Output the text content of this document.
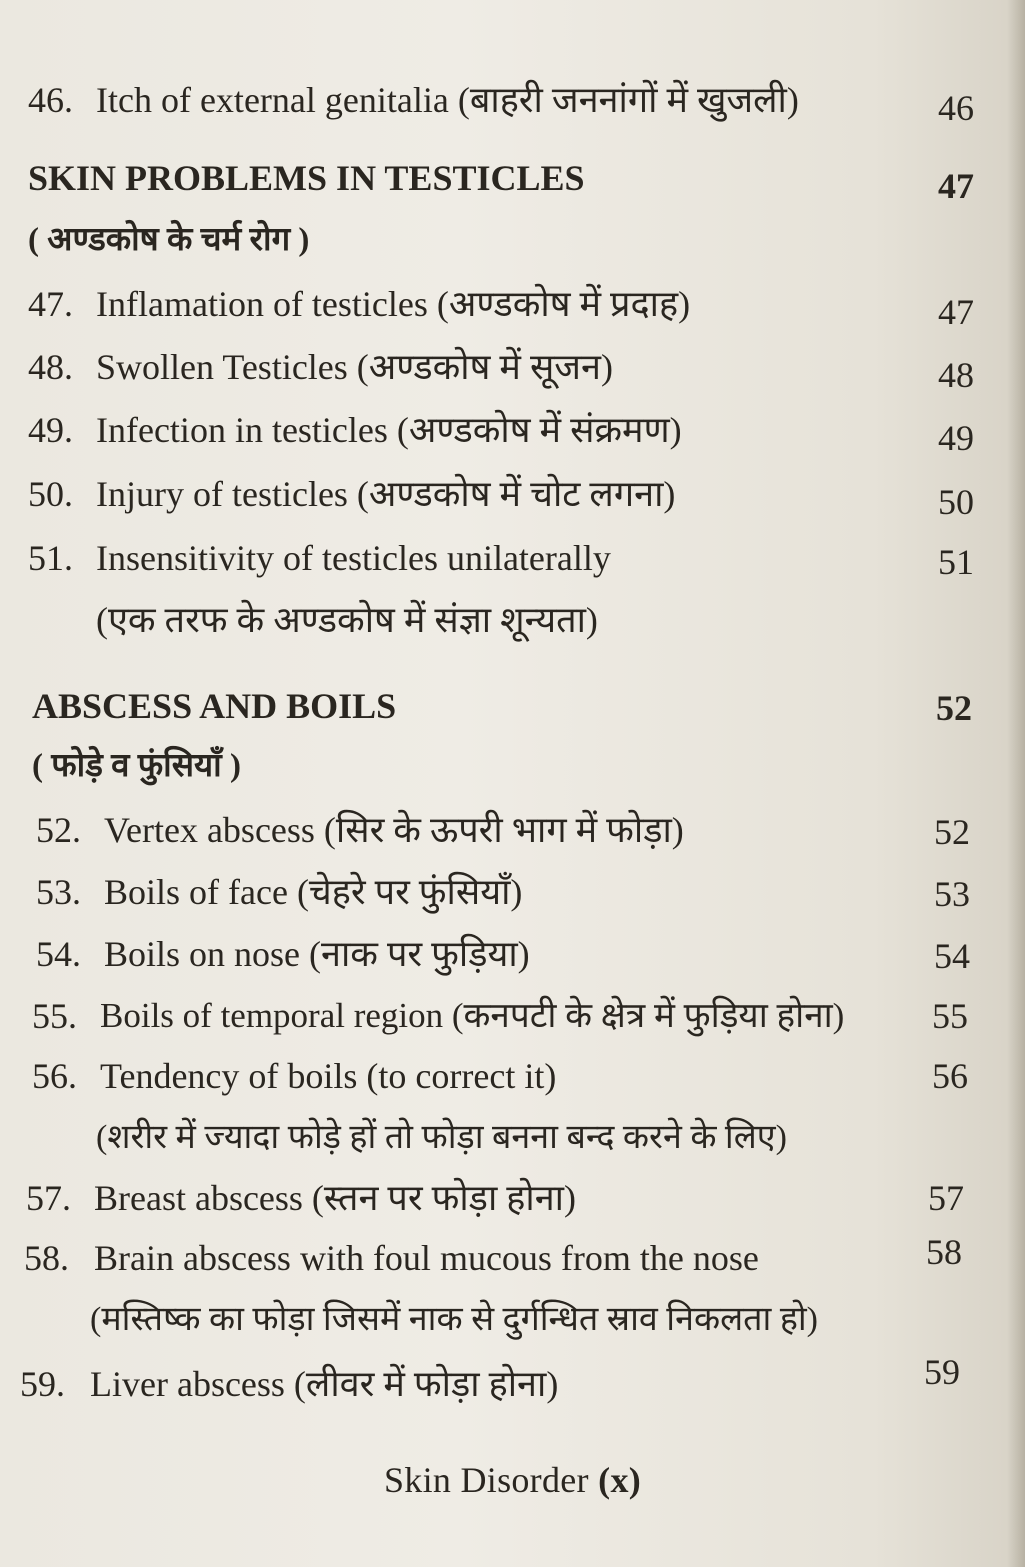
46. Itch of external genitalia (बाहरी जननांगों में खुजली)	46
SKIN PROBLEMS IN TESTICLES	47
( अण्डकोष के चर्म रोग )
47. Inflamation of testicles (अण्डकोष में प्रदाह)	47
48. Swollen Testicles (अण्डकोष में सूजन)	48
49. Infection in testicles (अण्डकोष में संक्रमण)	49
50. Injury of testicles (अण्डकोष में चोट लगना)	50
51. Insensitivity of testicles unilaterally	51
(एक तरफ के अण्डकोष में संज्ञा शून्यता)
ABSCESS AND BOILS	52
( फोड़े व फुंसियाँ )
52. Vertex abscess (सिर के ऊपरी भाग में फोड़ा)	52
53. Boils of face (चेहरे पर फुंसियाँ)	53
54. Boils on nose (नाक पर फुड़िया)	54
55. Boils of temporal region (कनपटी के क्षेत्र में फुड़िया होना)	55
56. Tendency of boils (to correct it)	56
(शरीर में ज्यादा फोड़े हों तो फोड़ा बनना बन्द करने के लिए)
57. Breast abscess (स्तन पर फोड़ा होना)	57
58. Brain abscess with foul mucous from the nose	58
(मस्तिष्क का फोड़ा जिसमें नाक से दुर्गन्धित स्राव निकलता हो)
59. Liver abscess (लीवर में फोड़ा होना)	59
Skin Disorder (x)
